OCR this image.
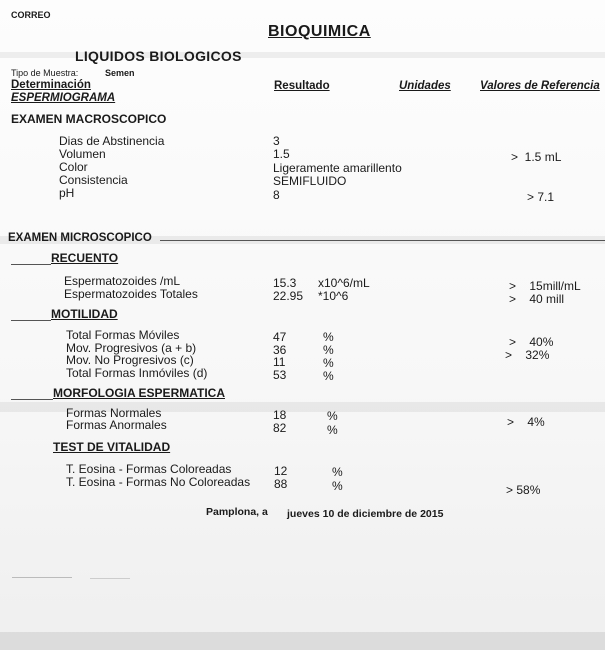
CORREO
BIOQUIMICA
LIQUIDOS BIOLOGICOS
Tipo de Muestra:	Semen
Determinación
ESPERMIOGRAMA
Resultado	Unidades	Valores de Referencia
EXAMEN MACROSCOPICO
Dias de Abstinencia	3
Volumen	1.5	>  1.5 mL
Color	Ligeramente amarillento
Consistencia	SEMIFLUIDO
pH	8	> 7.1
EXAMEN MICROSCOPICO
RECUENTO
Espermatozoides /mL	15.3 x10^6/mL	>    15mill/mL
Espermatozoides Totales	22.95 *10^6	>    40 mill
MOTILIDAD
Total Formas Móviles	47	%	>    40%
Mov. Progresivos (a + b)	36	%	>    32%
Mov. No Progresivos (c)	11	%
Total Formas Inmóviles (d)	53	%
MORFOLOGIA ESPERMATICA
Formas Normales	18	%	>    4%
Formas Anormales	82	%
TEST DE VITALIDAD
T. Eosina - Formas Coloreadas	12	%
T. Eosina - Formas No Coloreadas 88	%	> 58%
Pamplona, a jueves 10 de diciembre de 2015
